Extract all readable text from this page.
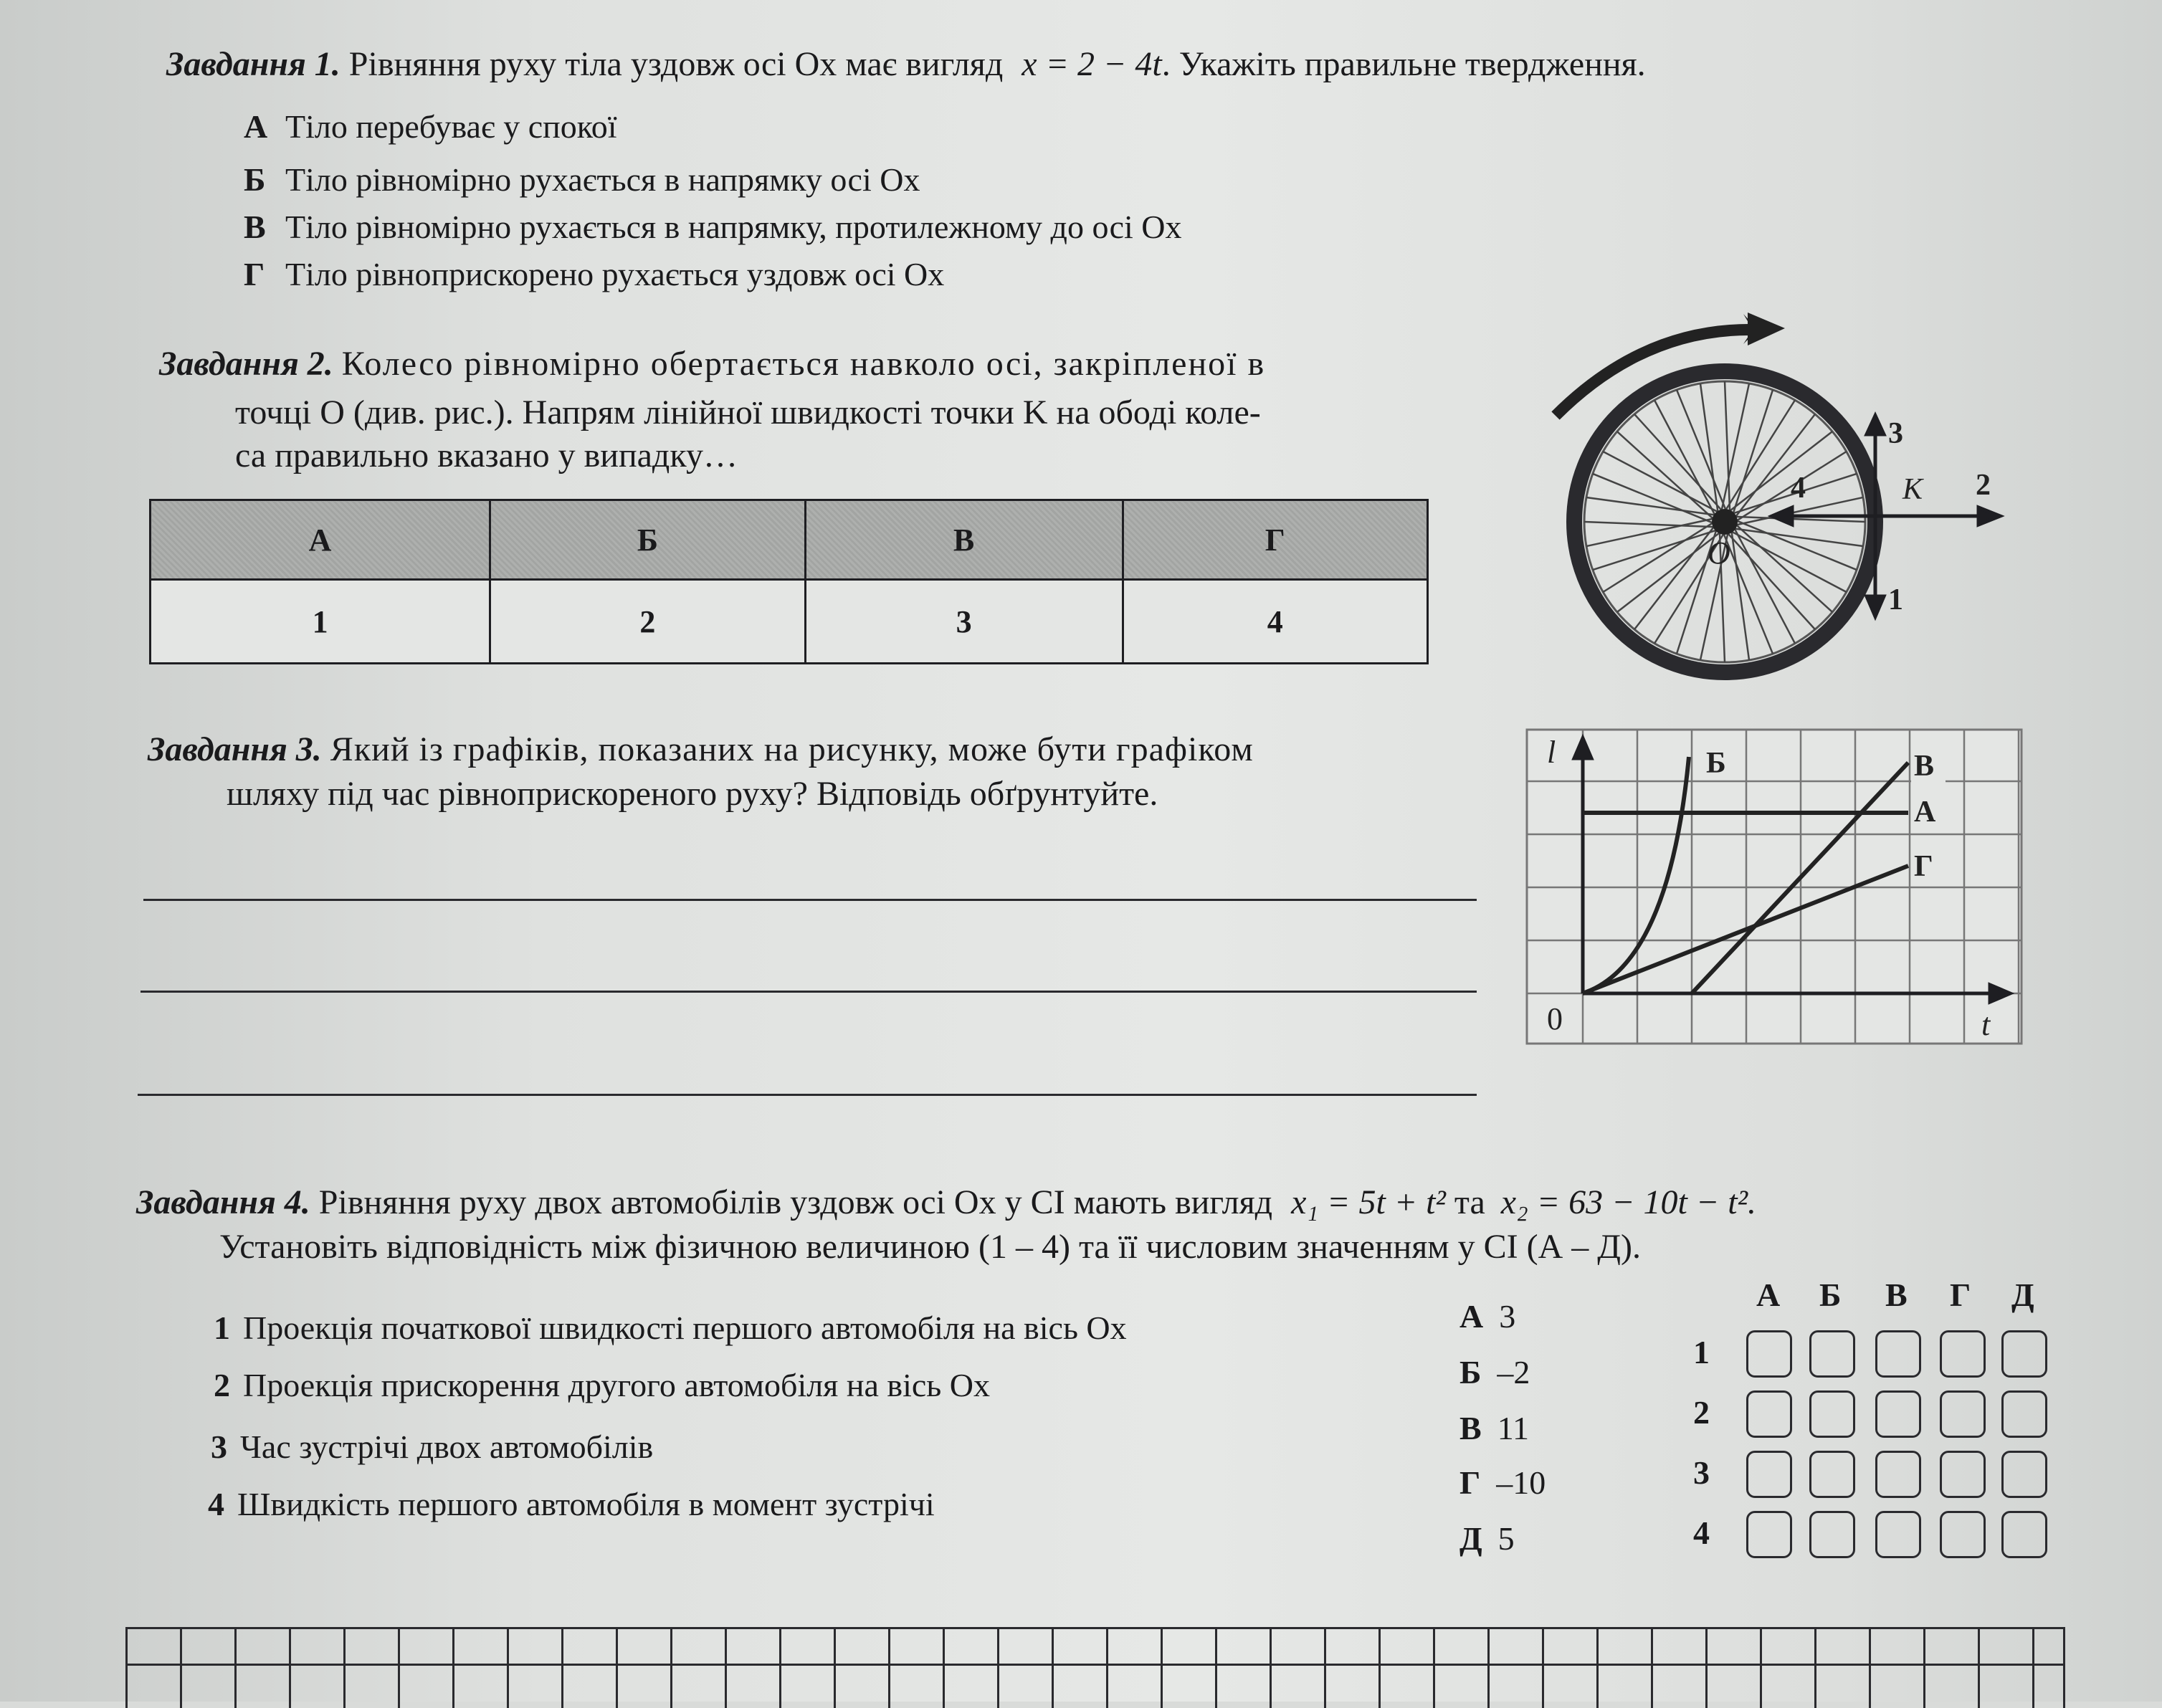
Завдання 1. Рівняння руху тіла уздовж осі Ox має вигляд x = 2 − 4t. Укажіть правильне твердження.
А Тіло перебуває у спокої
Б Тіло рівномірно рухається в напрямку осі Ox
В Тіло рівномірно рухається в напрямку, протилежному до осі Ox
Г Тіло рівноприскорено рухається уздовж осі Ox
Завдання 2. Колесо рівномірно обертається навколо осі, закріпленої в
точці O (див. рис.). Напрям лінійної швидкості точки K на ободі коле-
са правильно вказано у випадку…
А	Б	В	Г
1	2	3	4
O
3
2
4
1
K
Завдання 3. Який із графіків, показаних на рисунку, може бути графіком
шляху під час рівноприскореного руху? Відповідь обґрунтуйте.
l
t
0
Б	В
А
Г
Завдання 4. Рівняння руху двох автомобілів уздовж осі Ox у СІ мають вигляд x₁ = 5t + t² та x₂ = 63 − 10t − t².
Установіть відповідність між фізичною величиною (1 – 4) та її числовим значенням у СІ (А – Д).
1 Проекція початкової швидкості першого автомобіля на вісь Ox
2 Проекція прискорення другого автомобіля на вісь Ox
3 Час зустрічі двох автомобілів
4 Швидкість першого автомобіля в момент зустрічі
А 3
Б –2
В 11
Г –10
Д 5
А Б В Г Д
1
2
3
4
